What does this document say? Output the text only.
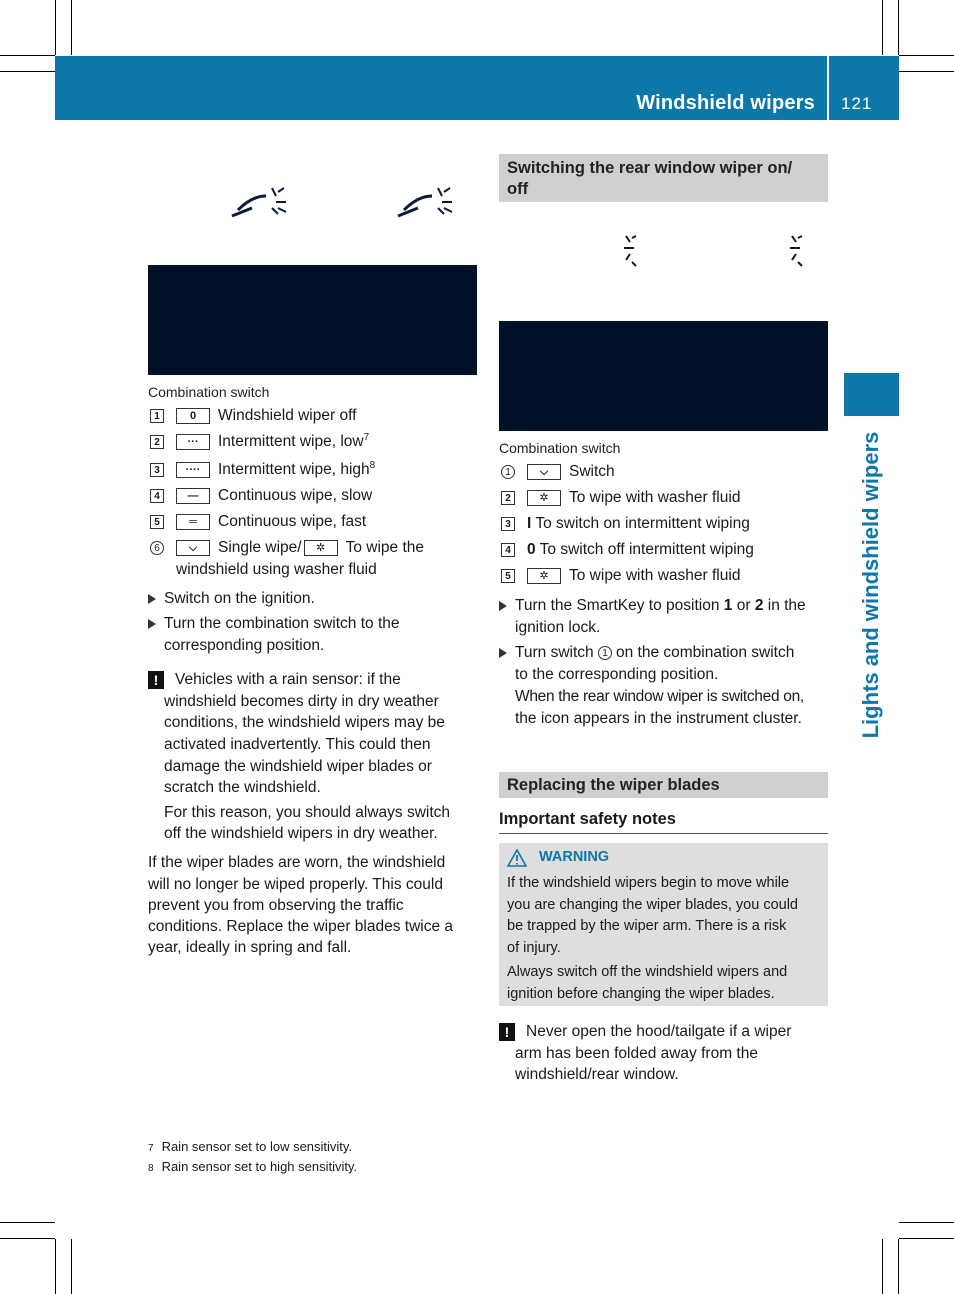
Windshield wipers 121
Lights and windshield wipers
Combination switch
1	0 Windshield wiper off
2	··· Intermittent wipe, low$^7$
3 ···· Intermittent wipe, high$^8$
4	— Continuous wipe, slow
5	═ Continuous wipe, fast
6	⌵ Single wipe/ ✲ To wipe the
windshield using washer fluid
Switch on the ignition.
Turn the combination switch to the
corresponding position.
!	Vehicles with a rain sensor: if the
windshield becomes dirty in dry weather
conditions, the windshield wipers may be
activated inadvertently. This could then
damage the windshield wiper blades or
scratch the windshield.
For this reason, you should always switch
off the windshield wipers in dry weather.
If the wiper blades are worn, the windshield
will no longer be wiped properly. This could
prevent you from observing the traffic
conditions. Replace the wiper blades twice a
year, ideally in spring and fall.
Switching the rear window wiper on/
off
Combination switch
1	⌵ Switch
2	✲ To wipe with washer fluid
3 I To switch on intermittent wiping
4 0 To switch off intermittent wiping
5	✲ To wipe with washer fluid
Turn the SmartKey to position 1 or 2 in the
ignition lock.
Turn switch 1 on the combination switch
to the corresponding position.
When the rear window wiper is switched on,
the icon appears in the instrument cluster.
Replacing the wiper blades
Important safety notes
WARNING
If the windshield wipers begin to move while
you are changing the wiper blades, you could
be trapped by the wiper arm. There is a risk
of injury.
Always switch off the windshield wipers and
ignition before changing the wiper blades.
!	Never open the hood/tailgate if a wiper
arm has been folded away from the
windshield/rear window.
7 Rain sensor set to low sensitivity.
8 Rain sensor set to high sensitivity.
